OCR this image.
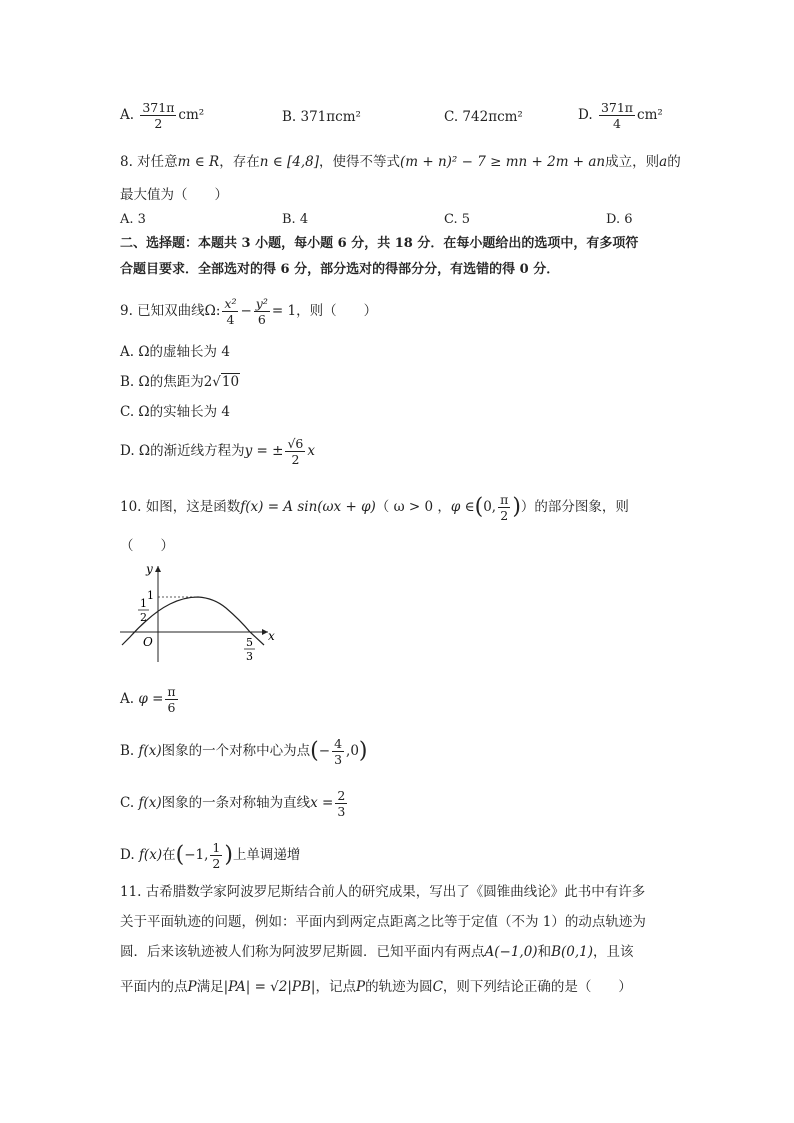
A. $\frac{371\pi}{2} cm^2$	B. 371πcm²	C. 742πcm²	D. $\frac{371\pi}{4} cm^2$
8. 对任意m ∈ R，存在n ∈ [4,8]，使得不等式(m + n)² − 7 ≥ mn + 2m + an成立，则a的
最大值为（　　）
A. 3	B. 4	C. 5	D. 6
二、选择题：本题共 3 小题，每小题 6 分，共 18 分．在每小题给出的选项中，有多项符
合题目要求．全部选对的得 6 分，部分选对的得部分分，有选错的得 0 分．
9. 已知双曲线Ω: $\frac{\text{x²}}{4} - \frac{\text{y²}}{6} = 1$，则（　　）
A. Ω的虚轴长为 4
B. Ω的焦距为2√10
C. Ω的实轴长为 4
D. Ω的渐近线方程为y = ± $\frac{√6}{2}$ x
10. 如图，这是函数f(x) = A sin(ωx + φ)（ ω > 0 ，φ ∈(0, $\frac{\pi}{2}$ )）的部分图象，则
（　　）
y
x
O
1
1
2
5
3
A. $\varphi = \frac{\pi}{6}$
B. f(x)图象的一个对称中心为点(− $\frac{4}{3} ,0$)
C. f(x)图象的一条对称轴为直线$x = \frac{2}{3}$
D. f(x)在(−1, $\frac{1}{2}$ )上单调递增
11. 古希腊数学家阿波罗尼斯结合前人的研究成果，写出了《圆锥曲线论》此书中有许多
关于平面轨迹的问题，例如：平面内到两定点距离之比等于定值（不为 1）的动点轨迹为
圆．后来该轨迹被人们称为阿波罗尼斯圆．已知平面内有两点A(−1,0)和B(0,1)，且该
平面内的点P满足|PA| = √2|PB|，记点P的轨迹为圆C，则下列结论正确的是（　　）
